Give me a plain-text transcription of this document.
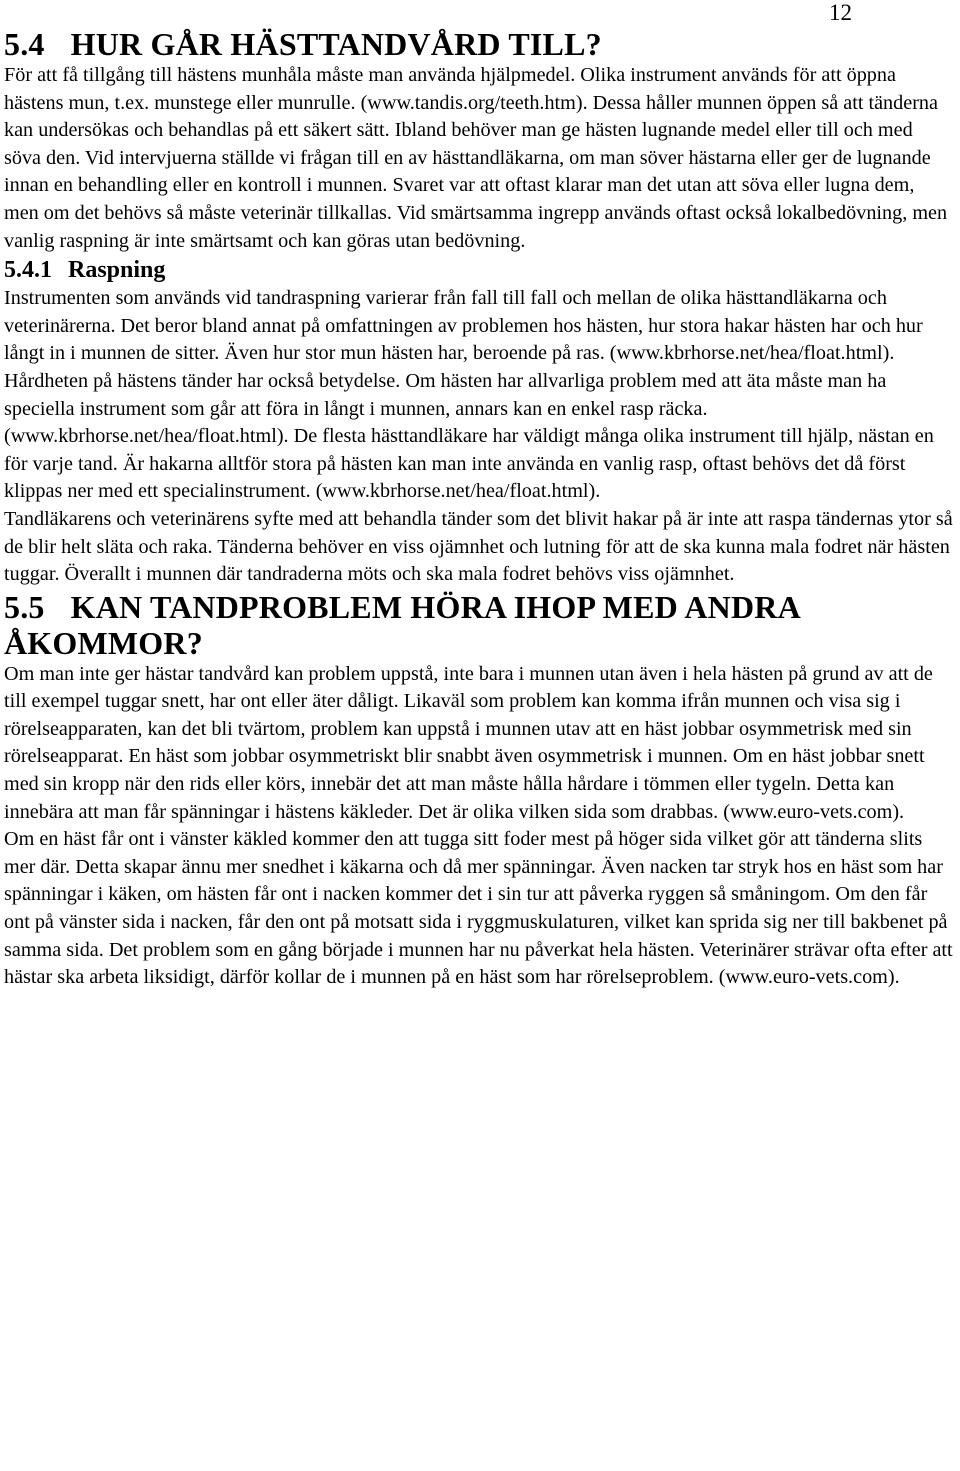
12
5.4 HUR GÅR HÄSTTANDVÅRD TILL?

För att få tillgång till hästens munhåla måste man använda hjälpmedel. Olika instrument används för att öppna hästens mun, t.ex. munstege eller munrulle. (www.tandis.org/teeth.htm). Dessa håller munnen öppen så att tänderna kan undersökas och behandlas på ett säkert sätt. Ibland behöver man ge hästen lugnande medel eller till och med söva den. Vid intervjuerna ställde vi frågan till en av hästtandläkarna, om man söver hästarna eller ger de lugnande innan en behandling eller en kontroll i munnen. Svaret var att oftast klarar man det utan att söva eller lugna dem, men om det behövs så måste veterinär tillkallas. Vid smärtsamma ingrepp används oftast också lokalbedövning, men vanlig raspning är inte smärtsamt och kan göras utan bedövning.

5.4.1 Raspning

Instrumenten som används vid tandraspning varierar från fall till fall och mellan de olika hästtandläkarna och veterinärerna. Det beror bland annat på omfattningen av problemen hos hästen, hur stora hakar hästen har och hur långt in i munnen de sitter. Även hur stor mun hästen har, beroende på ras. (www.kbrhorse.net/hea/float.html). Hårdheten på hästens tänder har också betydelse. Om hästen har allvarliga problem med att äta måste man ha speciella instrument som går att föra in långt i munnen, annars kan en enkel rasp räcka. (www.kbrhorse.net/hea/float.html). De flesta hästtandläkare har väldigt många olika instrument till hjälp, nästan en för varje tand. Är hakarna alltför stora på hästen kan man inte använda en vanlig rasp, oftast behövs det då först klippas ner med ett specialinstrument. (www.kbrhorse.net/hea/float.html).

Tandläkarens och veterinärens syfte med att behandla tänder som det blivit hakar på är inte att raspa tändernas ytor så de blir helt släta och raka. Tänderna behöver en viss ojämnhet och lutning för att de ska kunna mala fodret när hästen tuggar. Överallt i munnen där tandraderna möts och ska mala fodret behövs viss ojämnhet.

5.5 KAN TANDPROBLEM HÖRA IHOP MED ANDRA ÅKOMMOR?

Om man inte ger hästar tandvård kan problem uppstå, inte bara i munnen utan även i hela hästen på grund av att de till exempel tuggar snett, har ont eller äter dåligt. Likaväl som problem kan komma ifrån munnen och visa sig i rörelseapparaten, kan det bli tvärtom, problem kan uppstå i munnen utav att en häst jobbar osymmetrisk med sin rörelseapparat. En häst som jobbar osymmetriskt blir snabbt även osymmetrisk i munnen. Om en häst jobbar snett med sin kropp när den rids eller körs, innebär det att man måste hålla hårdare i tömmen eller tygeln. Detta kan innebära att man får spänningar i hästens käkleder. Det är olika vilken sida som drabbas. (www.euro-vets.com).

Om en häst får ont i vänster käkled kommer den att tugga sitt foder mest på höger sida vilket gör att tänderna slits mer där. Detta skapar ännu mer snedhet i käkarna och då mer spänningar. Även nacken tar stryk hos en häst som har spänningar i käken, om hästen får ont i nacken kommer det i sin tur att påverka ryggen så småningom. Om den får ont på vänster sida i nacken, får den ont på motsatt sida i ryggmuskulaturen, vilket kan sprida sig ner till bakbenet på samma sida. Det problem som en gång började i munnen har nu påverkat hela hästen. Veterinärer strävar ofta efter att hästar ska arbeta liksidigt, därför kollar de i munnen på en häst som har rörelseproblem. (www.euro-vets.com).
